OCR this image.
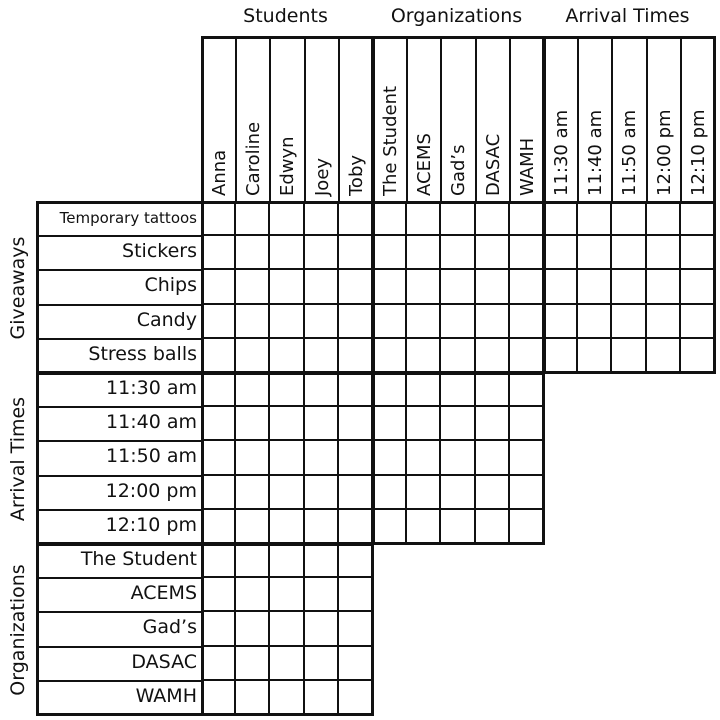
Students
Anna Caroline Edwyn Joey Toby
Organizations
The Student ACEMS Gad’s DASAC WAMH
Arrival Times
11:30 am 11:40 am 11:50 am 12:00 pm 12:10 pm
Giveaways
Temporary tattoos
Stickers
Chips
Candy
Stress balls
Arrival Times
11:30 am
11:40 am
11:50 am
12:00 pm
12:10 pm
Organizations
The Student
ACEMS
Gad’s
DASAC
WAMH
